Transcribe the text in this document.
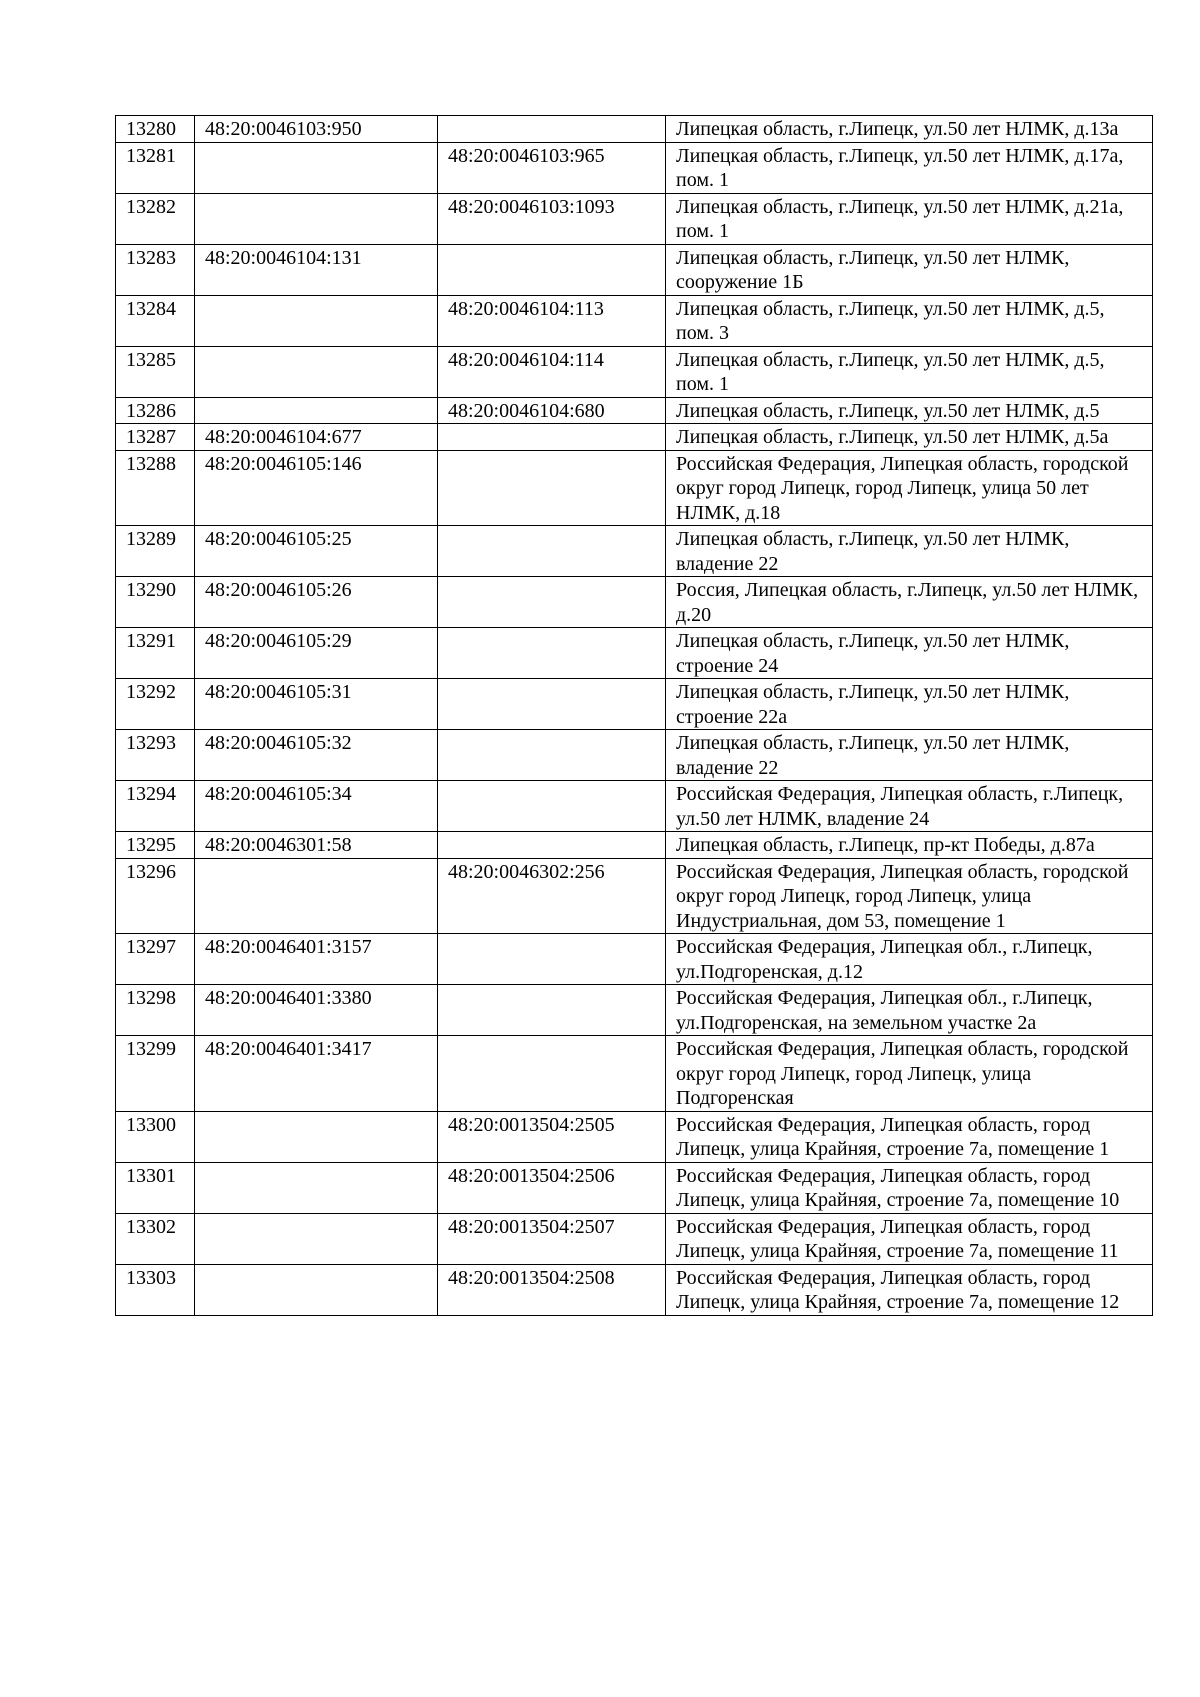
13280	48:20:0046103:950		Липецкая область, г.Липецк, ул.50 лет НЛМК, д.13а
13281		48:20:0046103:965	Липецкая область, г.Липецк, ул.50 лет НЛМК, д.17а, пом. 1
13282		48:20:0046103:1093	Липецкая область, г.Липецк, ул.50 лет НЛМК, д.21а, пом. 1
13283	48:20:0046104:131		Липецкая область, г.Липецк, ул.50 лет НЛМК, сооружение 1Б
13284		48:20:0046104:113	Липецкая область, г.Липецк, ул.50 лет НЛМК, д.5, пом. 3
13285		48:20:0046104:114	Липецкая область, г.Липецк, ул.50 лет НЛМК, д.5, пом. 1
13286		48:20:0046104:680	Липецкая область, г.Липецк, ул.50 лет НЛМК, д.5
13287	48:20:0046104:677		Липецкая область, г.Липецк, ул.50 лет НЛМК, д.5а
13288	48:20:0046105:146		Российская Федерация, Липецкая область, городской округ город Липецк, город Липецк, улица 50 лет НЛМК, д.18
13289	48:20:0046105:25		Липецкая область, г.Липецк, ул.50 лет НЛМК, владение 22
13290	48:20:0046105:26		Россия, Липецкая область, г.Липецк, ул.50 лет НЛМК, д.20
13291	48:20:0046105:29		Липецкая область, г.Липецк, ул.50 лет НЛМК, строение 24
13292	48:20:0046105:31		Липецкая область, г.Липецк, ул.50 лет НЛМК, строение 22а
13293	48:20:0046105:32		Липецкая область, г.Липецк, ул.50 лет НЛМК, владение 22
13294	48:20:0046105:34		Российская Федерация, Липецкая область, г.Липецк, ул.50 лет НЛМК, владение 24
13295	48:20:0046301:58		Липецкая область, г.Липецк, пр-кт Победы, д.87а
13296		48:20:0046302:256	Российская Федерация, Липецкая область, городской округ город Липецк, город Липецк, улица Индустриальная, дом 53, помещение 1
13297	48:20:0046401:3157		Российская Федерация, Липецкая обл., г.Липецк, ул.Подгоренская, д.12
13298	48:20:0046401:3380		Российская Федерация, Липецкая обл., г.Липецк, ул.Подгоренская, на земельном участке 2а
13299	48:20:0046401:3417		Российская Федерация, Липецкая область, городской округ город Липецк, город Липецк, улица Подгоренская
13300		48:20:0013504:2505	Российская Федерация, Липецкая область, город Липецк, улица Крайняя, строение 7а, помещение 1
13301		48:20:0013504:2506	Российская Федерация, Липецкая область, город Липецк, улица Крайняя, строение 7а, помещение 10
13302		48:20:0013504:2507	Российская Федерация, Липецкая область, город Липецк, улица Крайняя, строение 7а, помещение 11
13303		48:20:0013504:2508	Российская Федерация, Липецкая область, город Липецк, улица Крайняя, строение 7а, помещение 12
